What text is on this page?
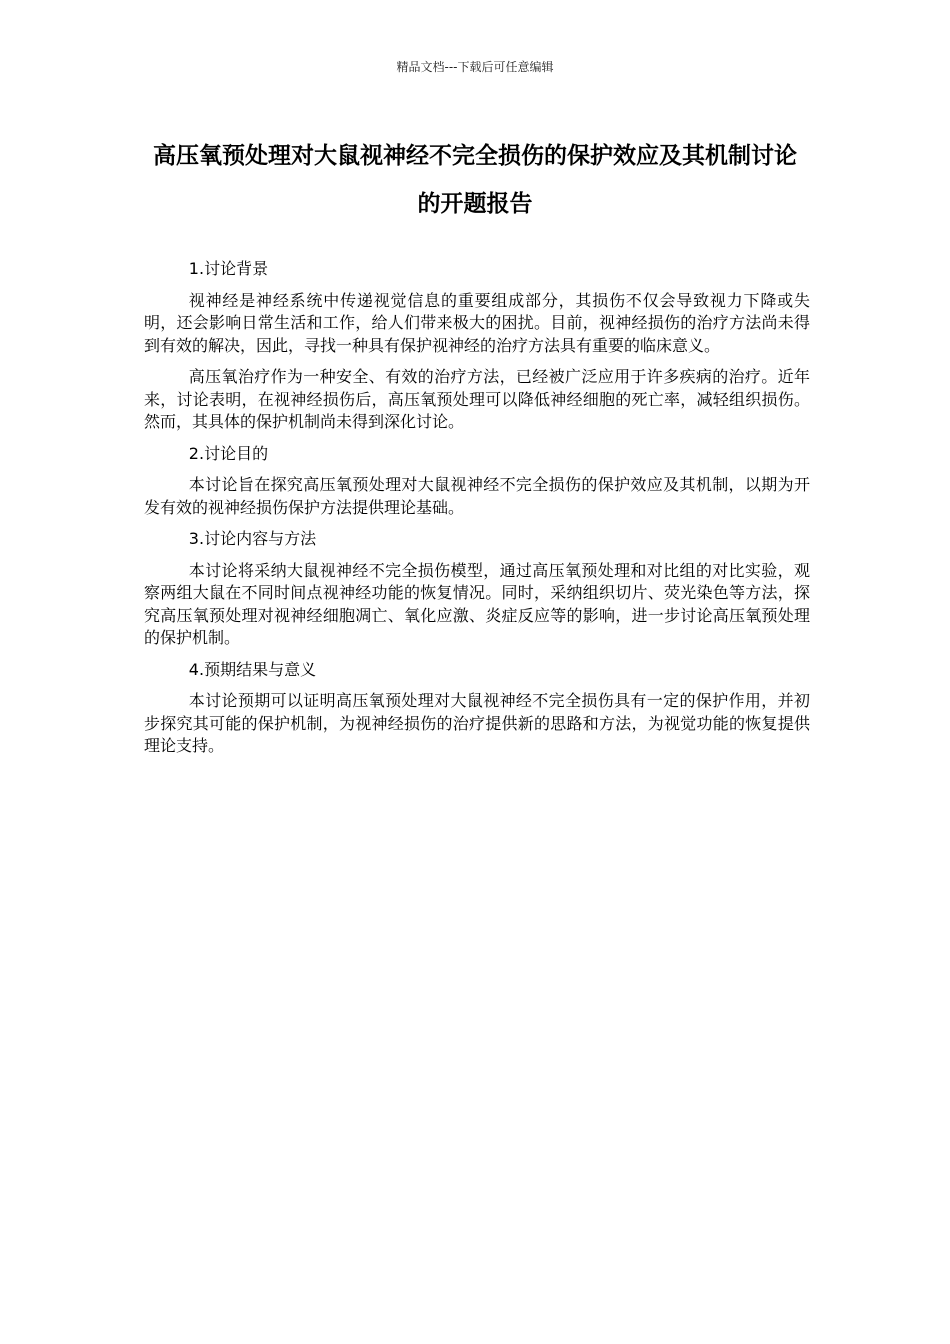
精品文档---下载后可任意编辑
高压氧预处理对大鼠视神经不完全损伤的保护效应及其机制讨论的开题报告

1.讨论背景

视神经是神经系统中传递视觉信息的重要组成部分，其损伤不仅会导致视力下降或失明，还会影响日常生活和工作，给人们带来极大的困扰。目前，视神经损伤的治疗方法尚未得到有效的解决，因此，寻找一种具有保护视神经的治疗方法具有重要的临床意义。

高压氧治疗作为一种安全、有效的治疗方法，已经被广泛应用于许多疾病的治疗。近年来，讨论表明，在视神经损伤后，高压氧预处理可以降低神经细胞的死亡率，减轻组织损伤。然而，其具体的保护机制尚未得到深化讨论。

2.讨论目的

本讨论旨在探究高压氧预处理对大鼠视神经不完全损伤的保护效应及其机制，以期为开发有效的视神经损伤保护方法提供理论基础。

3.讨论内容与方法

本讨论将采纳大鼠视神经不完全损伤模型，通过高压氧预处理和对比组的对比实验，观察两组大鼠在不同时间点视神经功能的恢复情况。同时，采纳组织切片、荧光染色等方法，探究高压氧预处理对视神经细胞凋亡、氧化应激、炎症反应等的影响，进一步讨论高压氧预处理的保护机制。

4.预期结果与意义

本讨论预期可以证明高压氧预处理对大鼠视神经不完全损伤具有一定的保护作用，并初步探究其可能的保护机制，为视神经损伤的治疗提供新的思路和方法，为视觉功能的恢复提供理论支持。
